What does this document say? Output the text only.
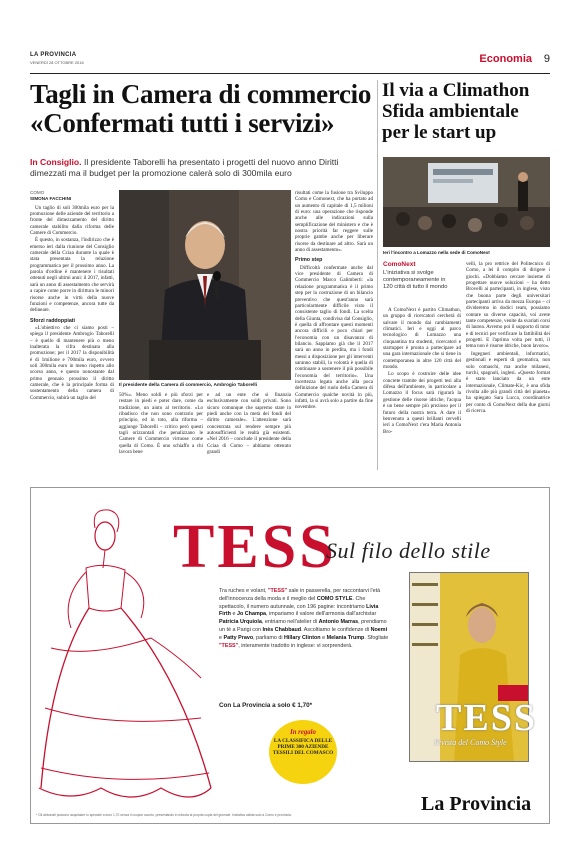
LA PROVINCIA
VENERDÌ 28 OTTOBRE 2016	Economia 9
Tagli in Camera di commercio
«Confermati tutti i servizi»
Il via a Climathon
Sfida ambientale
per le start up
In Consiglio. Il presidente Taborelli ha presentato i progetti del nuovo anno Diritti dimezzati ma il budget per la promozione calerà solo di 300mila euro
COMO
SIMONA FACCHINI

Un taglio di soli 300mila euro per la promozione delle aziende del territorio a fronte del dimezzamento del diritto camerale stabilito dalla riforma delle Camere di Commercio.

È questo, in sostanza, l'indirizzo che è emerso ieri dalla riunione del Consiglio camerale della Cciaa durante la quale è stata presentata la relazione programmatica per il prossimo anno. La parola d'ordine è mantenere i risultati ottenuti negli ultimi anni: il 2017, infatti, sarà un anno di assestamento che servirà a capire come porre in dirittura le minori risorse anche in virtù della nuove funzioni e competenze, ancora tutte da delineare.

Sforzi raddoppiati

«L'obiettivo che ci siamo posti – spiega il presidente Ambrogio Taborelli – è quello di mantenere più o meno inalterata la cifra destinata alla promozione; per il 2017 la disponibilità è di 1milione e 700mila euro, ovvero soli 300mila euro in meno rispetto allo scorso anno, e questo nonostante dal primo gennaio prossimo il diritto camerale, che è la principale forma di sostentamento della camera di Commercio, subirà un taglio del

Il presidente della Camera di commercio, Ambrogio Taborelli

50%». Meno soldi e più sforzi per restare in piedi e poter dare, come da tradizione, un aiuto al territorio. «Lo ribadisco che non sono contrario per principio, ed in toto, alla riforma – aggiunge Taborelli – critico però questi tagli orizzontali che penalizzano le Camere di Commercio virtuose come quella di Como. È uno schiaffo a chi lavora bene

e ad un ente che si finanzia esclusivamente con soldi privati. Sono sicuro comunque che sapremo stare in piedi anche con la metà dei fondi del diritto camerale». L'attenzione sarà concentrata sul rendere sempre più autosufficienti le realtà già esistenti. «Nel 2016 – conclude il presidente della Cciaa di Como – abbiamo ottenuto grandi

risultati come la fusione tra Sviluppo Como e Comonext, che ha portato ad un aumento di capitale di 1,5 milioni di euro: una operazione che risponde anche alle indicazioni sulla semplificazione del ministero e che è nostra priorità far reggere sulle proprie gambe anche per liberare risorse da destinare ad altro. Sarà un anno di assestamento».

Primo step

Difficoltà confermate anche dal vice presidente di Camera di Commercio Marco Galimberti: «la relazione programmatica è il primo step per la costruzione di un bilancio preventivo che quest'anno sarà particolarmente difficile visto il consistente taglio di fondi. La scelta della Giunta, condivisa dal Consiglio, è quella di affrontare questi momenti ancora difficili e poco chiari per l'economia con un disavanzo di bilancio. Sappiamo già che il 2017 sarà un anno in perdita, ma i fondi messi a disposizione per gli interventi saranno stabili, la volontà è quella di continuare a sostenere il più possibile l'economia del territorio». Una incertezza legata anche alla poca definizione del ruolo della Camera di Commercio qualche novità in più, infatti, la si avrà solo a partire da fine novembre.

Ieri l'incontro a Lomazzo nella sede di ComoNext
ComoNext
L'iniziativa si svolge contemporaneamente in 120 città di tutto il mondo

A ComoNext è partito Climathon, un gruppo di ricercatori cercherà di salvare il mondo dai cambiamenti climatici. Ieri e oggi al parco tecnologico di Lomazzo una cinquantina tra studenti, ricercatori e startupper è pronta a partecipare ad una gara internazionale che si tiene in contemporanea in altre 120 città del mondo.

Lo scopo è costruire delle idee concrete tramite dei progetti tesi alla difesa dell'ambiente, in particolare a Lomazzo il focus sarà rigurarà la gestione delle risorse idriche, l'acqua è un bene sempre più prezioso per il futuro della nostra terra. A dare il benvenuto a questi brillanti cervelli ieri a ComoNext c'era Maria Antonia Bro-

velli, la pro rettrice del Politecnico di Como, a lei il compito di dirigere i giochi. «Dobbiamo cercare insieme di progettare nuove soluzioni – ha detto Brovelli ai partecipanti, in inglese, visto che buona parte degli universitari partecipanti arriva da mezza Europa – ci divideremo in dodici team, possiamo contare su diverse capacità, voi avete tante competenze, venite da svariati corsi di laurea. Avremo poi il supporto di tutor e di tecnici per verificare la fattibilità dei progetti. E l'aprima volta per tutti, il tema non è risorse idriche, buon lavoro».

Ingegneri ambientali, informatici, gestionali e esperti di geomatica, non solo comaschi, ma anche milanesi, turchi, spagnoli, inglesi. «Questo format è stato lanciato da un ente internazionale, Climate-Kic, è una sfida rivolta alle più grandi città del pianeta» ha spiegato Sara Lucca, coordinatrice per conto di ComoNext della due giorni di ricerca.

TESS
Sul filo dello stile
Tra ruches e volant, "TESS" sale in passerella, per raccontarvi l'età dell'innocenza della moda e il meglio del COMO STYLE. Che spettacolo, il numero autunnale, con 196 pagine: incontriamo Livia Firth e Jo Champa, impariamo il valore dell'armonia dall'archistar Patricia Urquiola, entriamo nell'atelier di Antonio Marras, prendiamo un tè a Parigi con Inès Chabbaud. Ascoltiamo le confidenze di Noemi e Patty Pravo, parliamo di Hillary Clinton e Melania Trump. Sfogliate "TESS", interamente tradotto in inglese: vi sorprenderà.
Con La Provincia a solo € 1,70*
In regalo
LA CLASSIFICA DELLE PRIME 300 AZIENDE TESSILI DEL COMASCO
TESS
Rivista del Como Style
* Gli abbonati possono acquistare lo speciale a euro 1,70 senza il coupon sconto, presentando in edicola la propria copia del giornale. Iniziativa valida solo a Como e provincia.	La Provincia
